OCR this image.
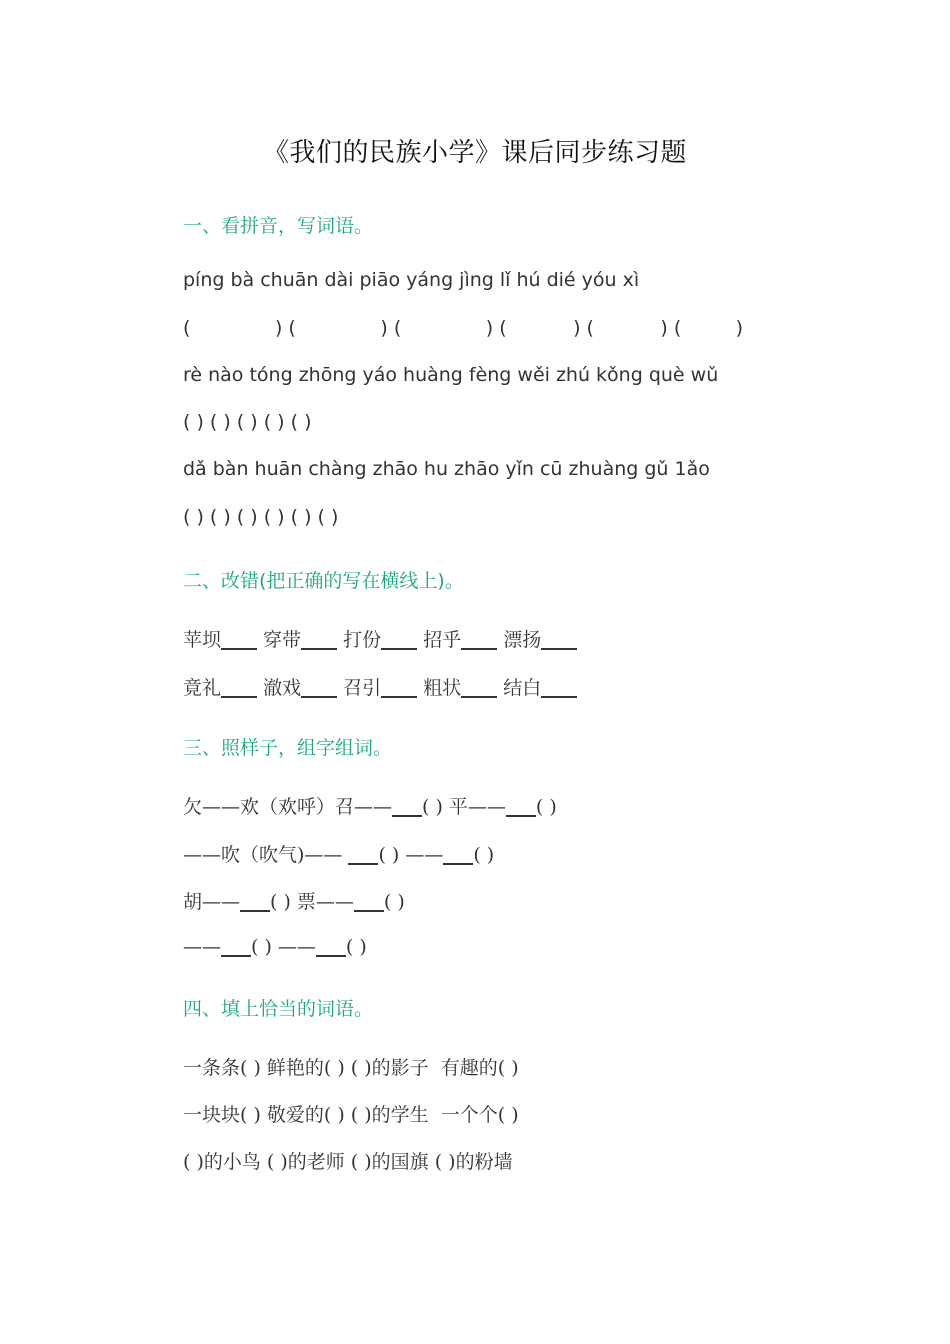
《我们的民族小学》课后同步练习题
一、看拼音，写词语。
píng bà chuān dài piāo yáng jìng lǐ hú dié yóu xì
(              ) (              ) (              ) (           ) (           ) (         )
rè nào tóng zhōng yáo huàng fèng wěi zhú kǒng què wǔ
( ) ( ) ( ) ( ) ( )
dǎ bàn huān chàng zhāo hu zhāo yǐn cū zhuàng gǔ 1ǎo
( ) ( ) ( ) ( ) ( ) ( )
二、改错(把正确的写在横线上)。
苹坝 穿带 打份 招乎 漂扬
竟礼 澈戏 召引 粗状 结白
三、照样子，组字组词。
欠——欢（欢呼）召—— ( ) 平—— ( )
——吹（吹气)—— ( ) —— ( )
胡—— ( ) 票—— ( )
—— ( ) —— ( )
四、填上恰当的词语。
一条条( ) 鲜艳的( ) ( )的影子  有趣的( )
一块块( ) 敬爱的( ) ( )的学生  一个个( )
( )的小鸟 ( )的老师 ( )的国旗 ( )的粉墙
